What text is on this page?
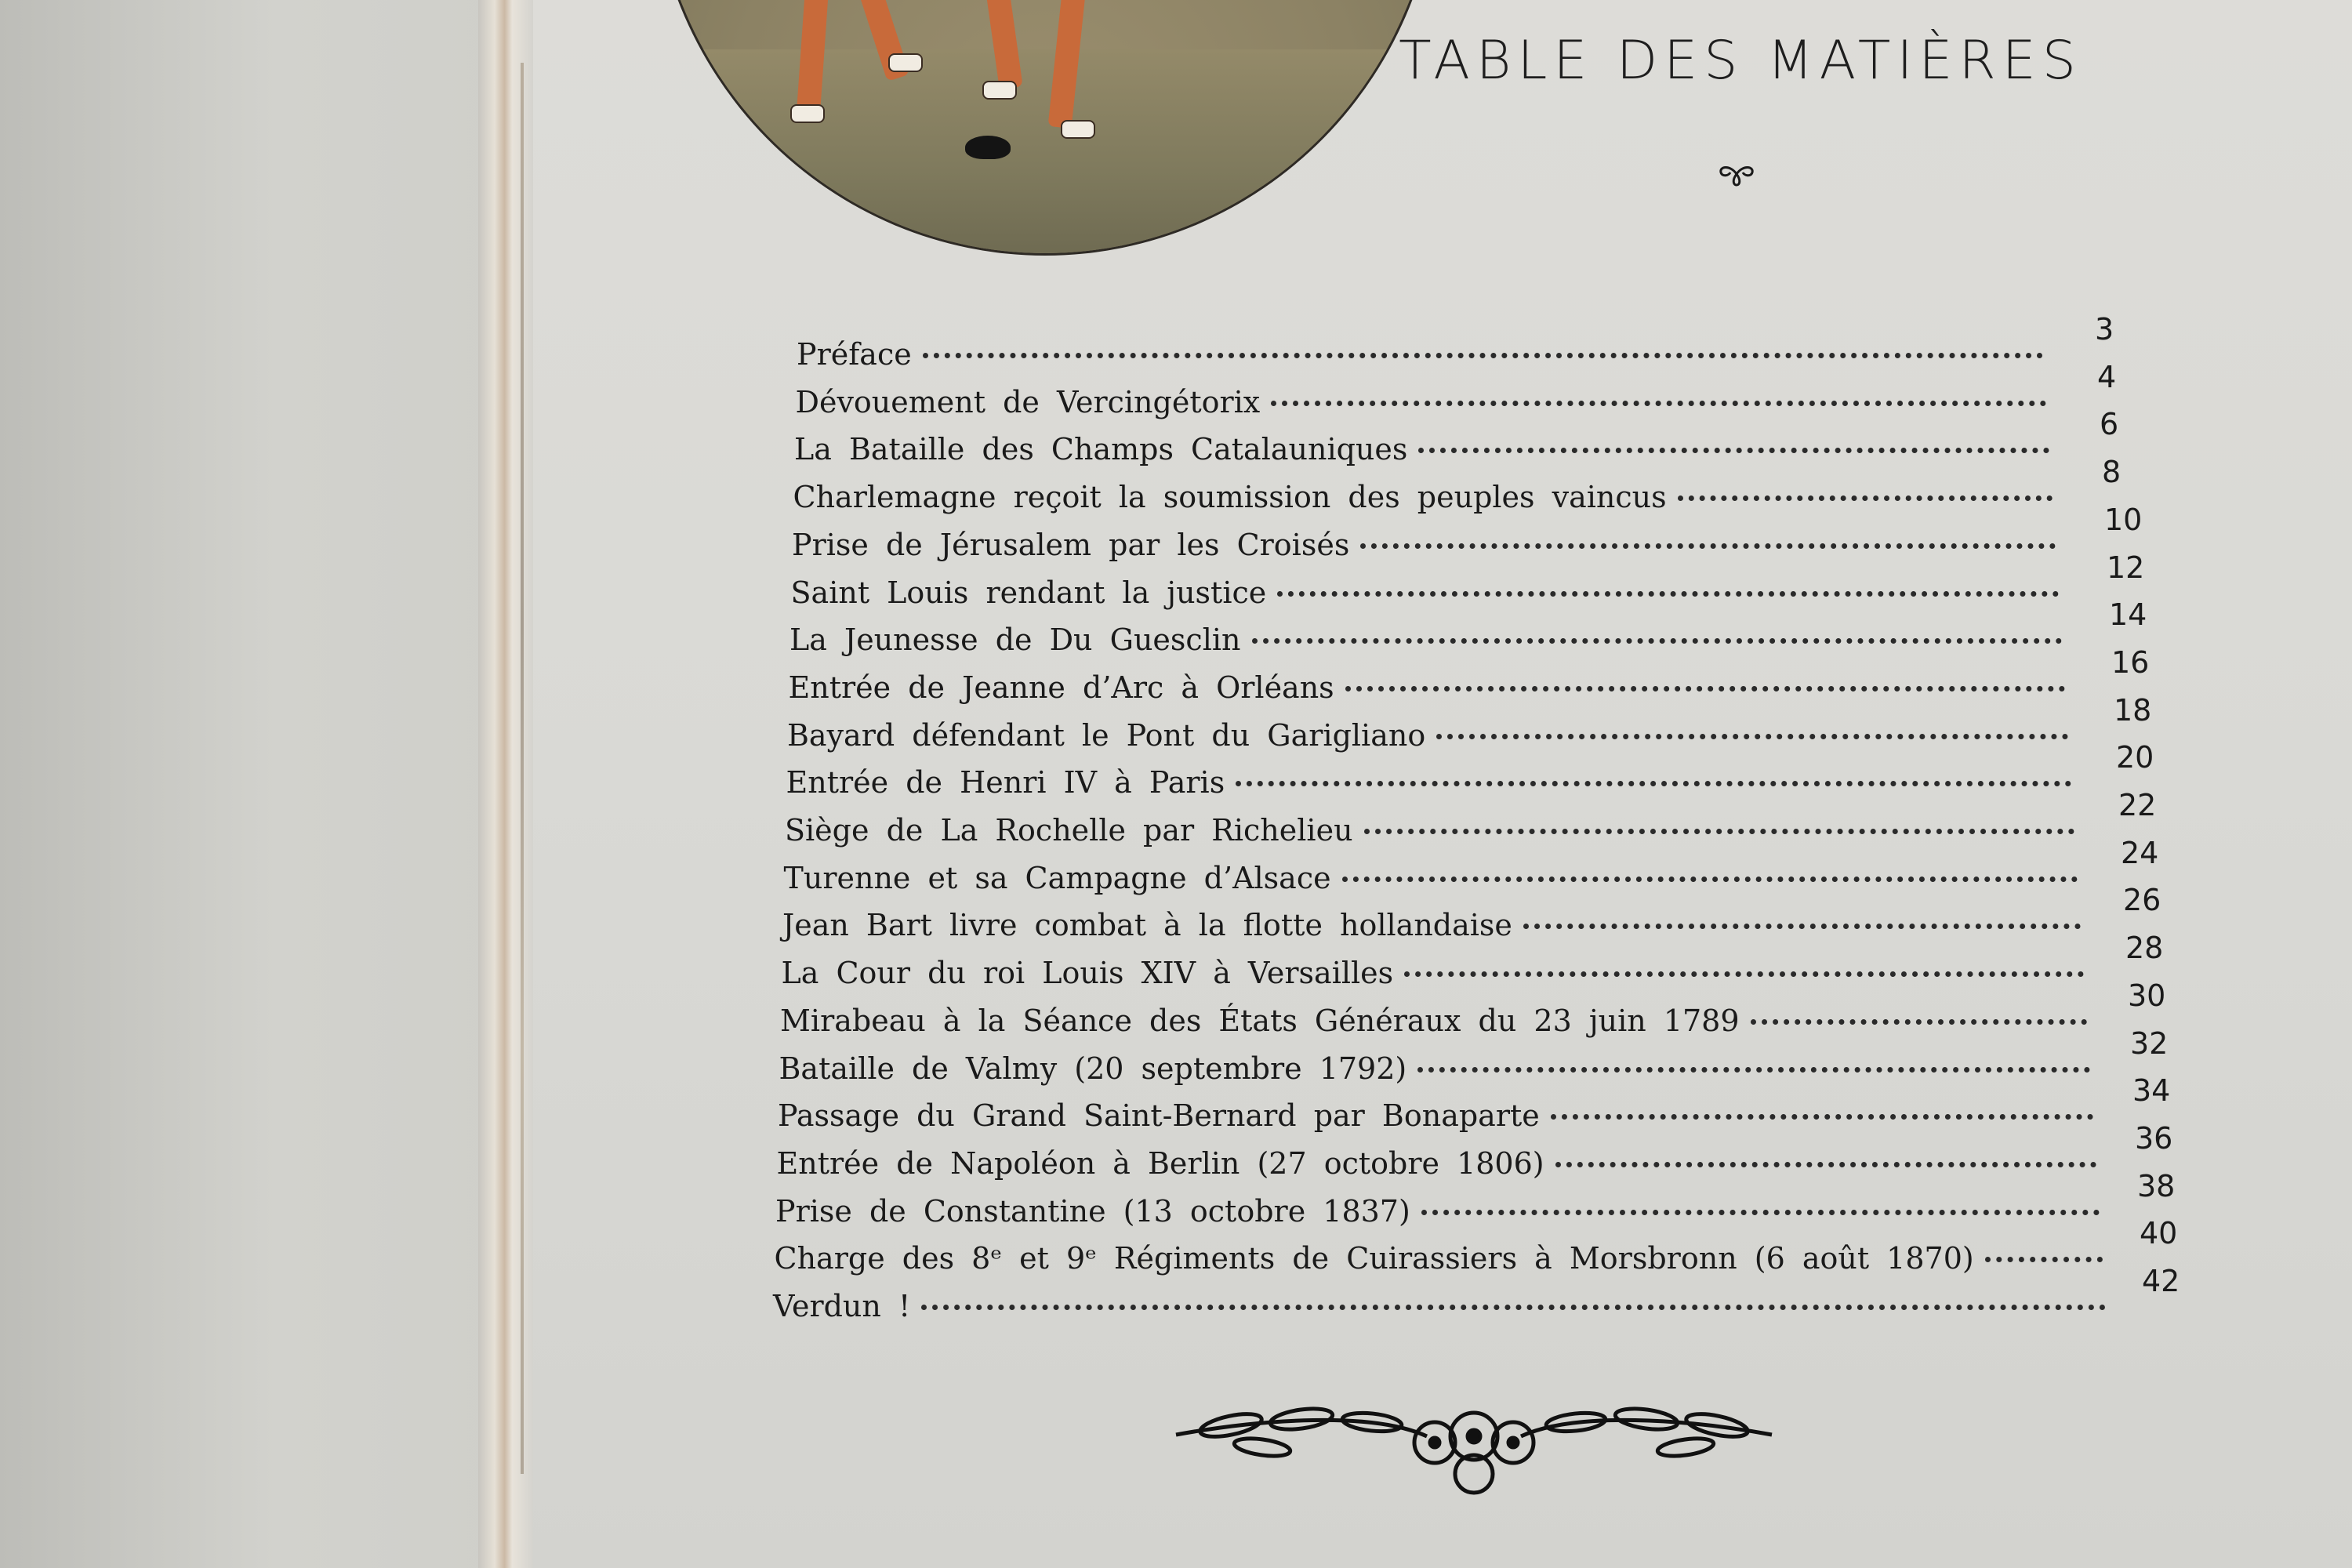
H.J.
TABLE DES MATIÈRES
Préface
3
Dévouement de Vercingétorix
4
La Bataille des Champs Catalauniques
6
Charlemagne reçoit la soumission des peuples vaincus
8
Prise de Jérusalem par les Croisés
10
Saint Louis rendant la justice
12
La Jeunesse de Du Guesclin
14
Entrée de Jeanne d’Arc à Orléans
16
Bayard défendant le Pont du Garigliano
18
Entrée de Henri IV à Paris
20
Siège de La Rochelle par Richelieu
22
Turenne et sa Campagne d’Alsace
24
Jean Bart livre combat à la flotte hollandaise
26
La Cour du roi Louis XIV à Versailles
28
Mirabeau à la Séance des États Généraux du 23 juin 1789
30
Bataille de Valmy (20 septembre 1792)
32
Passage du Grand Saint-Bernard par Bonaparte
34
Entrée de Napoléon à Berlin (27 octobre 1806)
36
Prise de Constantine (13 octobre 1837)
38
Charge des 8ᵉ et 9ᵉ Régiments de Cuirassiers à Morsbronn (6 août 1870)
40
Verdun !
42
